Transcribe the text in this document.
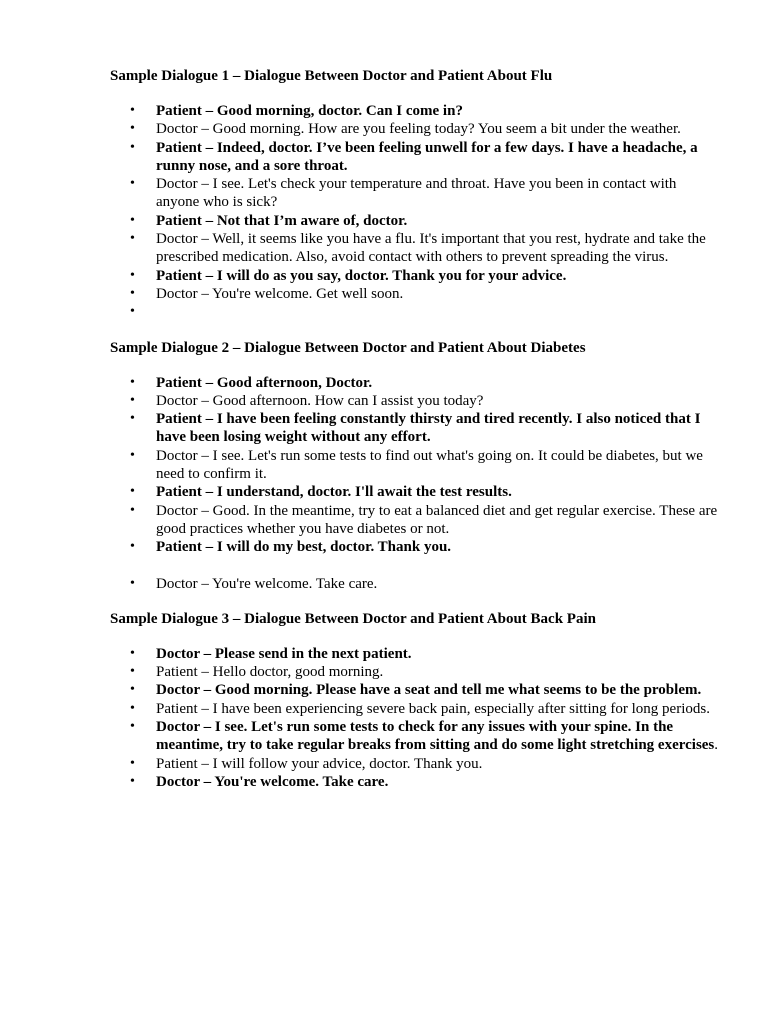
Sample Dialogue 1 – Dialogue Between Doctor and Patient About Flu

• Patient – Good morning, doctor. Can I come in?
• Doctor – Good morning. How are you feeling today? You seem a bit under the weather.
• Patient – Indeed, doctor. I’ve been feeling unwell for a few days. I have a headache, a runny nose, and a sore throat.
• Doctor – I see. Let's check your temperature and throat. Have you been in contact with anyone who is sick?
• Patient – Not that I’m aware of, doctor.
• Doctor – Well, it seems like you have a flu. It's important that you rest, hydrate and take the prescribed medication. Also, avoid contact with others to prevent spreading the virus.
• Patient – I will do as you say, doctor. Thank you for your advice.
• Doctor – You're welcome. Get well soon.
•

Sample Dialogue 2 – Dialogue Between Doctor and Patient About Diabetes

• Patient – Good afternoon, Doctor.
• Doctor – Good afternoon. How can I assist you today?
• Patient – I have been feeling constantly thirsty and tired recently. I also noticed that I have been losing weight without any effort.
• Doctor – I see. Let's run some tests to find out what's going on. It could be diabetes, but we need to confirm it.
• Patient – I understand, doctor. I'll await the test results.
• Doctor – Good. In the meantime, try to eat a balanced diet and get regular exercise. These are good practices whether you have diabetes or not.
• Patient – I will do my best, doctor. Thank you.
• Doctor – You're welcome. Take care.

Sample Dialogue 3 – Dialogue Between Doctor and Patient About Back Pain

• Doctor – Please send in the next patient.
• Patient – Hello doctor, good morning.
• Doctor – Good morning. Please have a seat and tell me what seems to be the problem.
• Patient – I have been experiencing severe back pain, especially after sitting for long periods.
• Doctor – I see. Let's run some tests to check for any issues with your spine. In the meantime, try to take regular breaks from sitting and do some light stretching exercises.
• Patient – I will follow your advice, doctor. Thank you.
• Doctor – You're welcome. Take care.
